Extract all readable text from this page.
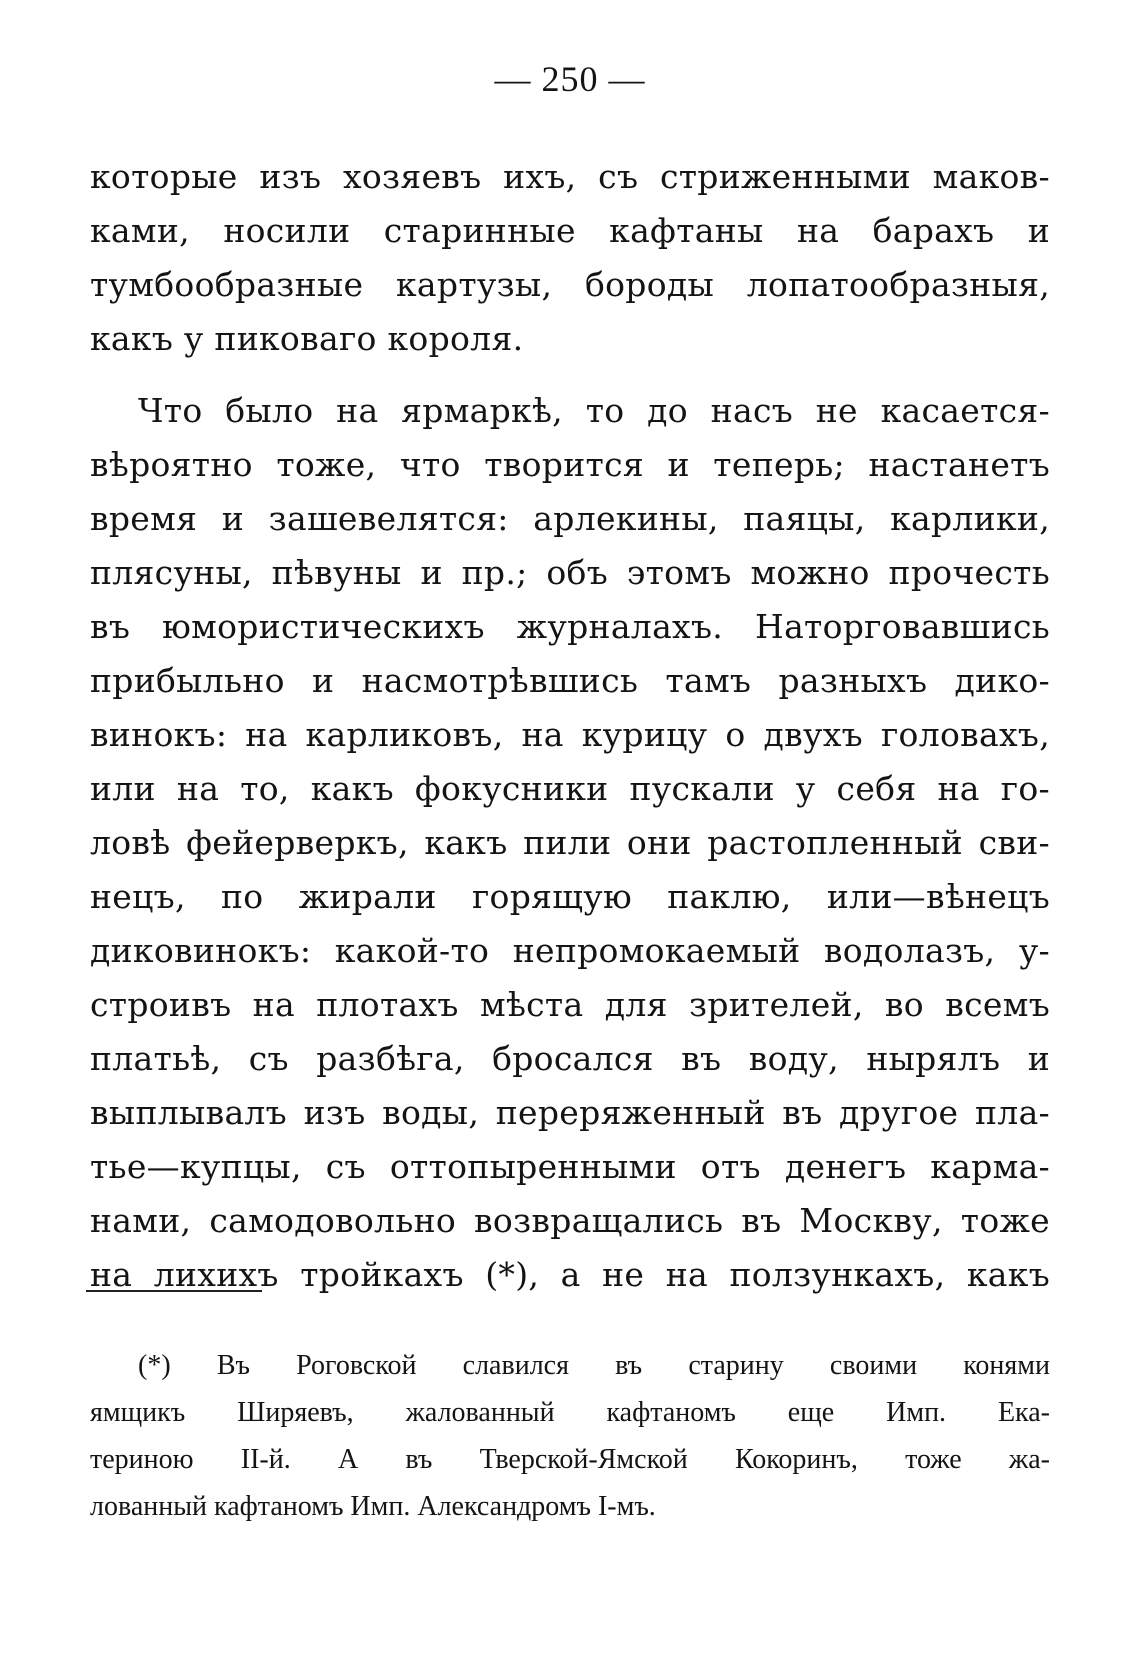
— 250 —
которые изъ хозяевъ ихъ, съ стриженными маков-
ками, носили старинные кафтаны на барахъ и
тумбообразные картузы, бороды лопатообразныя,
какъ у пиковаго короля.
Что было на ярмаркѣ, то до насъ не касается-
вѣроятно тоже, что творится и теперь; настанетъ
время и зашевелятся: арлекины, паяцы, карлики,
плясуны, пѣвуны и пр.; объ этомъ можно прочесть
въ юмористическихъ журналахъ. Наторговавшись
прибыльно и насмотрѣвшись тамъ разныхъ дико-
винокъ: на карликовъ, на курицу о двухъ головахъ,
или на то, какъ фокусники пускали у себя на го-
ловѣ фейерверкъ, какъ пили они растопленный сви-
нецъ, по жирали горящую паклю, или—вѣнецъ
диковинокъ: какой-то непромокаемый водолазъ, у-
строивъ на плотахъ мѣста для зрителей, во всемъ
платьѣ, съ разбѣга, бросался въ воду, нырялъ и
выплывалъ изъ воды, переряженный въ другое пла-
тье—купцы, съ оттопыренными отъ денегъ карма-
нами, самодовольно возвращались въ Москву, тоже
на лихихъ тройкахъ (*), а не на ползункахъ, какъ
(*) Въ Роговской славился въ старину своими конями
ямщикъ Ширяевъ, жалованный кафтаномъ еще Имп. Ека-
териною II-й. А въ Тверской-Ямской Кокоринъ, тоже жа-
лованный кафтаномъ Имп. Александромъ I-мъ.
